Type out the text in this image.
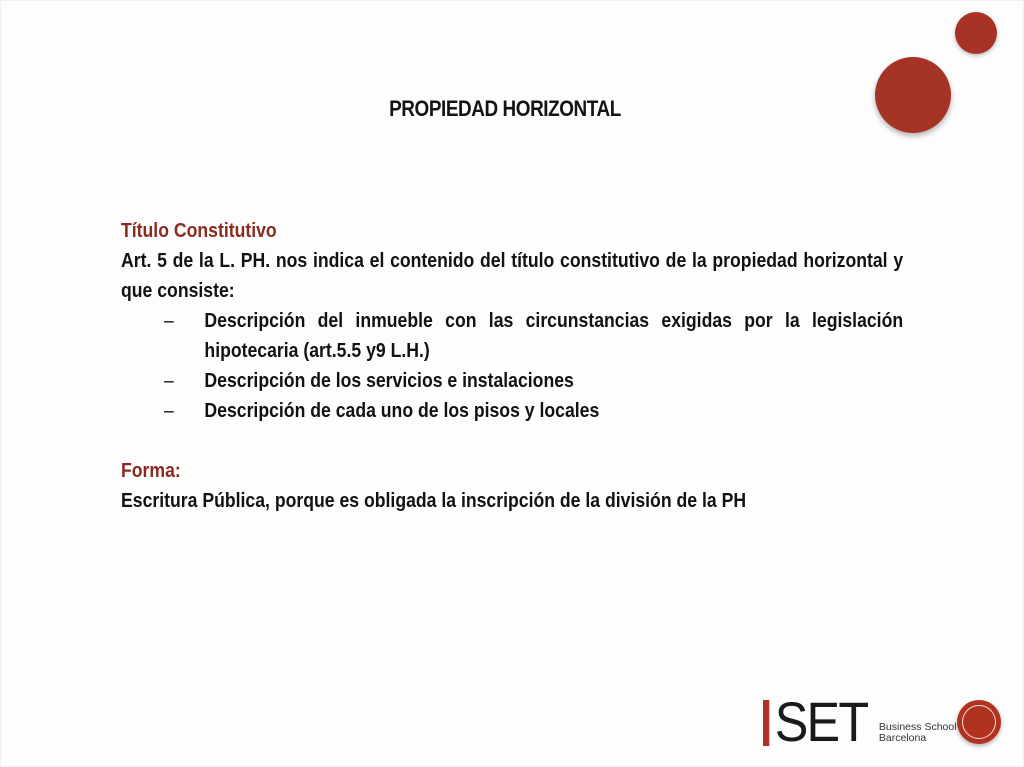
PROPIEDAD HORIZONTAL
Título Constitutivo
Art. 5 de la L. PH. nos indica el contenido del título constitutivo de la propiedad horizontal y que consiste:
– Descripción del inmueble con las circunstancias exigidas por la legislación hipotecaria (art.5.5 y9 L.H.)
– Descripción de los servicios e instalaciones
– Descripción de cada uno de los pisos y locales
Forma:
Escritura Pública, porque es obligada la inscripción de la división de la PH
SET Business School
Barcelona
